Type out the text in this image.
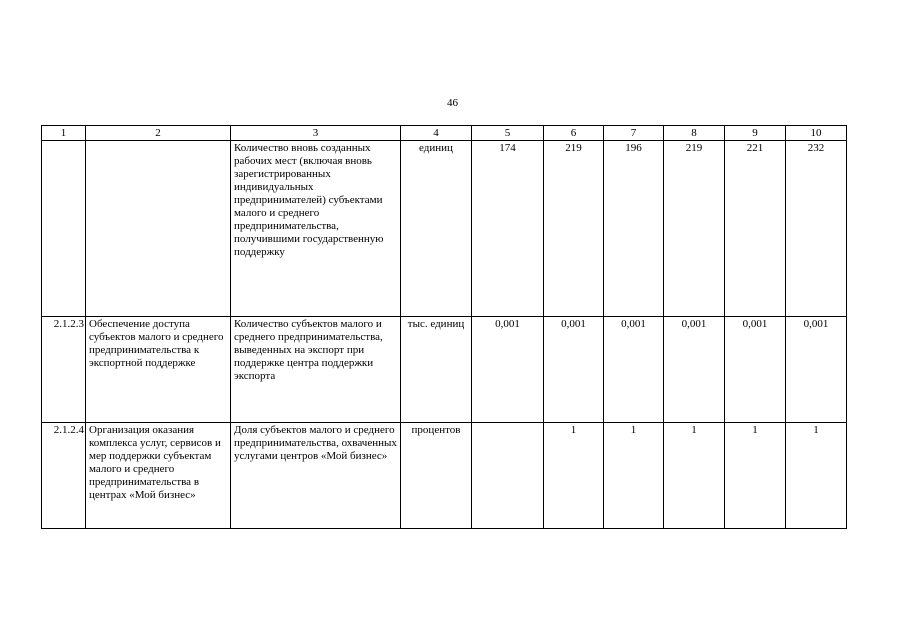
46
1	2	3	4	5	6	7	8	9	10
		Количество вновь созданных рабочих мест (включая вновь зарегистрированных индивидуальных предпринимателей) субъектами малого и среднего предпринимательства, получившими государственную поддержку	единиц	174	219	196	219	221	232
2.1.2.3	Обеспечение доступа субъектов малого и среднего предпринимательства к экспортной поддержке	Количество субъектов малого и среднего предпринимательства, выведенных на экспорт при поддержке центра поддержки экспорта	тыс. единиц	0,001	0,001	0,001	0,001	0,001	0,001
2.1.2.4	Организация оказания комплекса услуг, сервисов и мер поддержки субъектам малого и среднего предпринимательства в центрах «Мой бизнес»	Доля субъектов малого и среднего предпринимательства, охваченных услугами центров «Мой бизнес»	процентов		1	1	1	1	1
